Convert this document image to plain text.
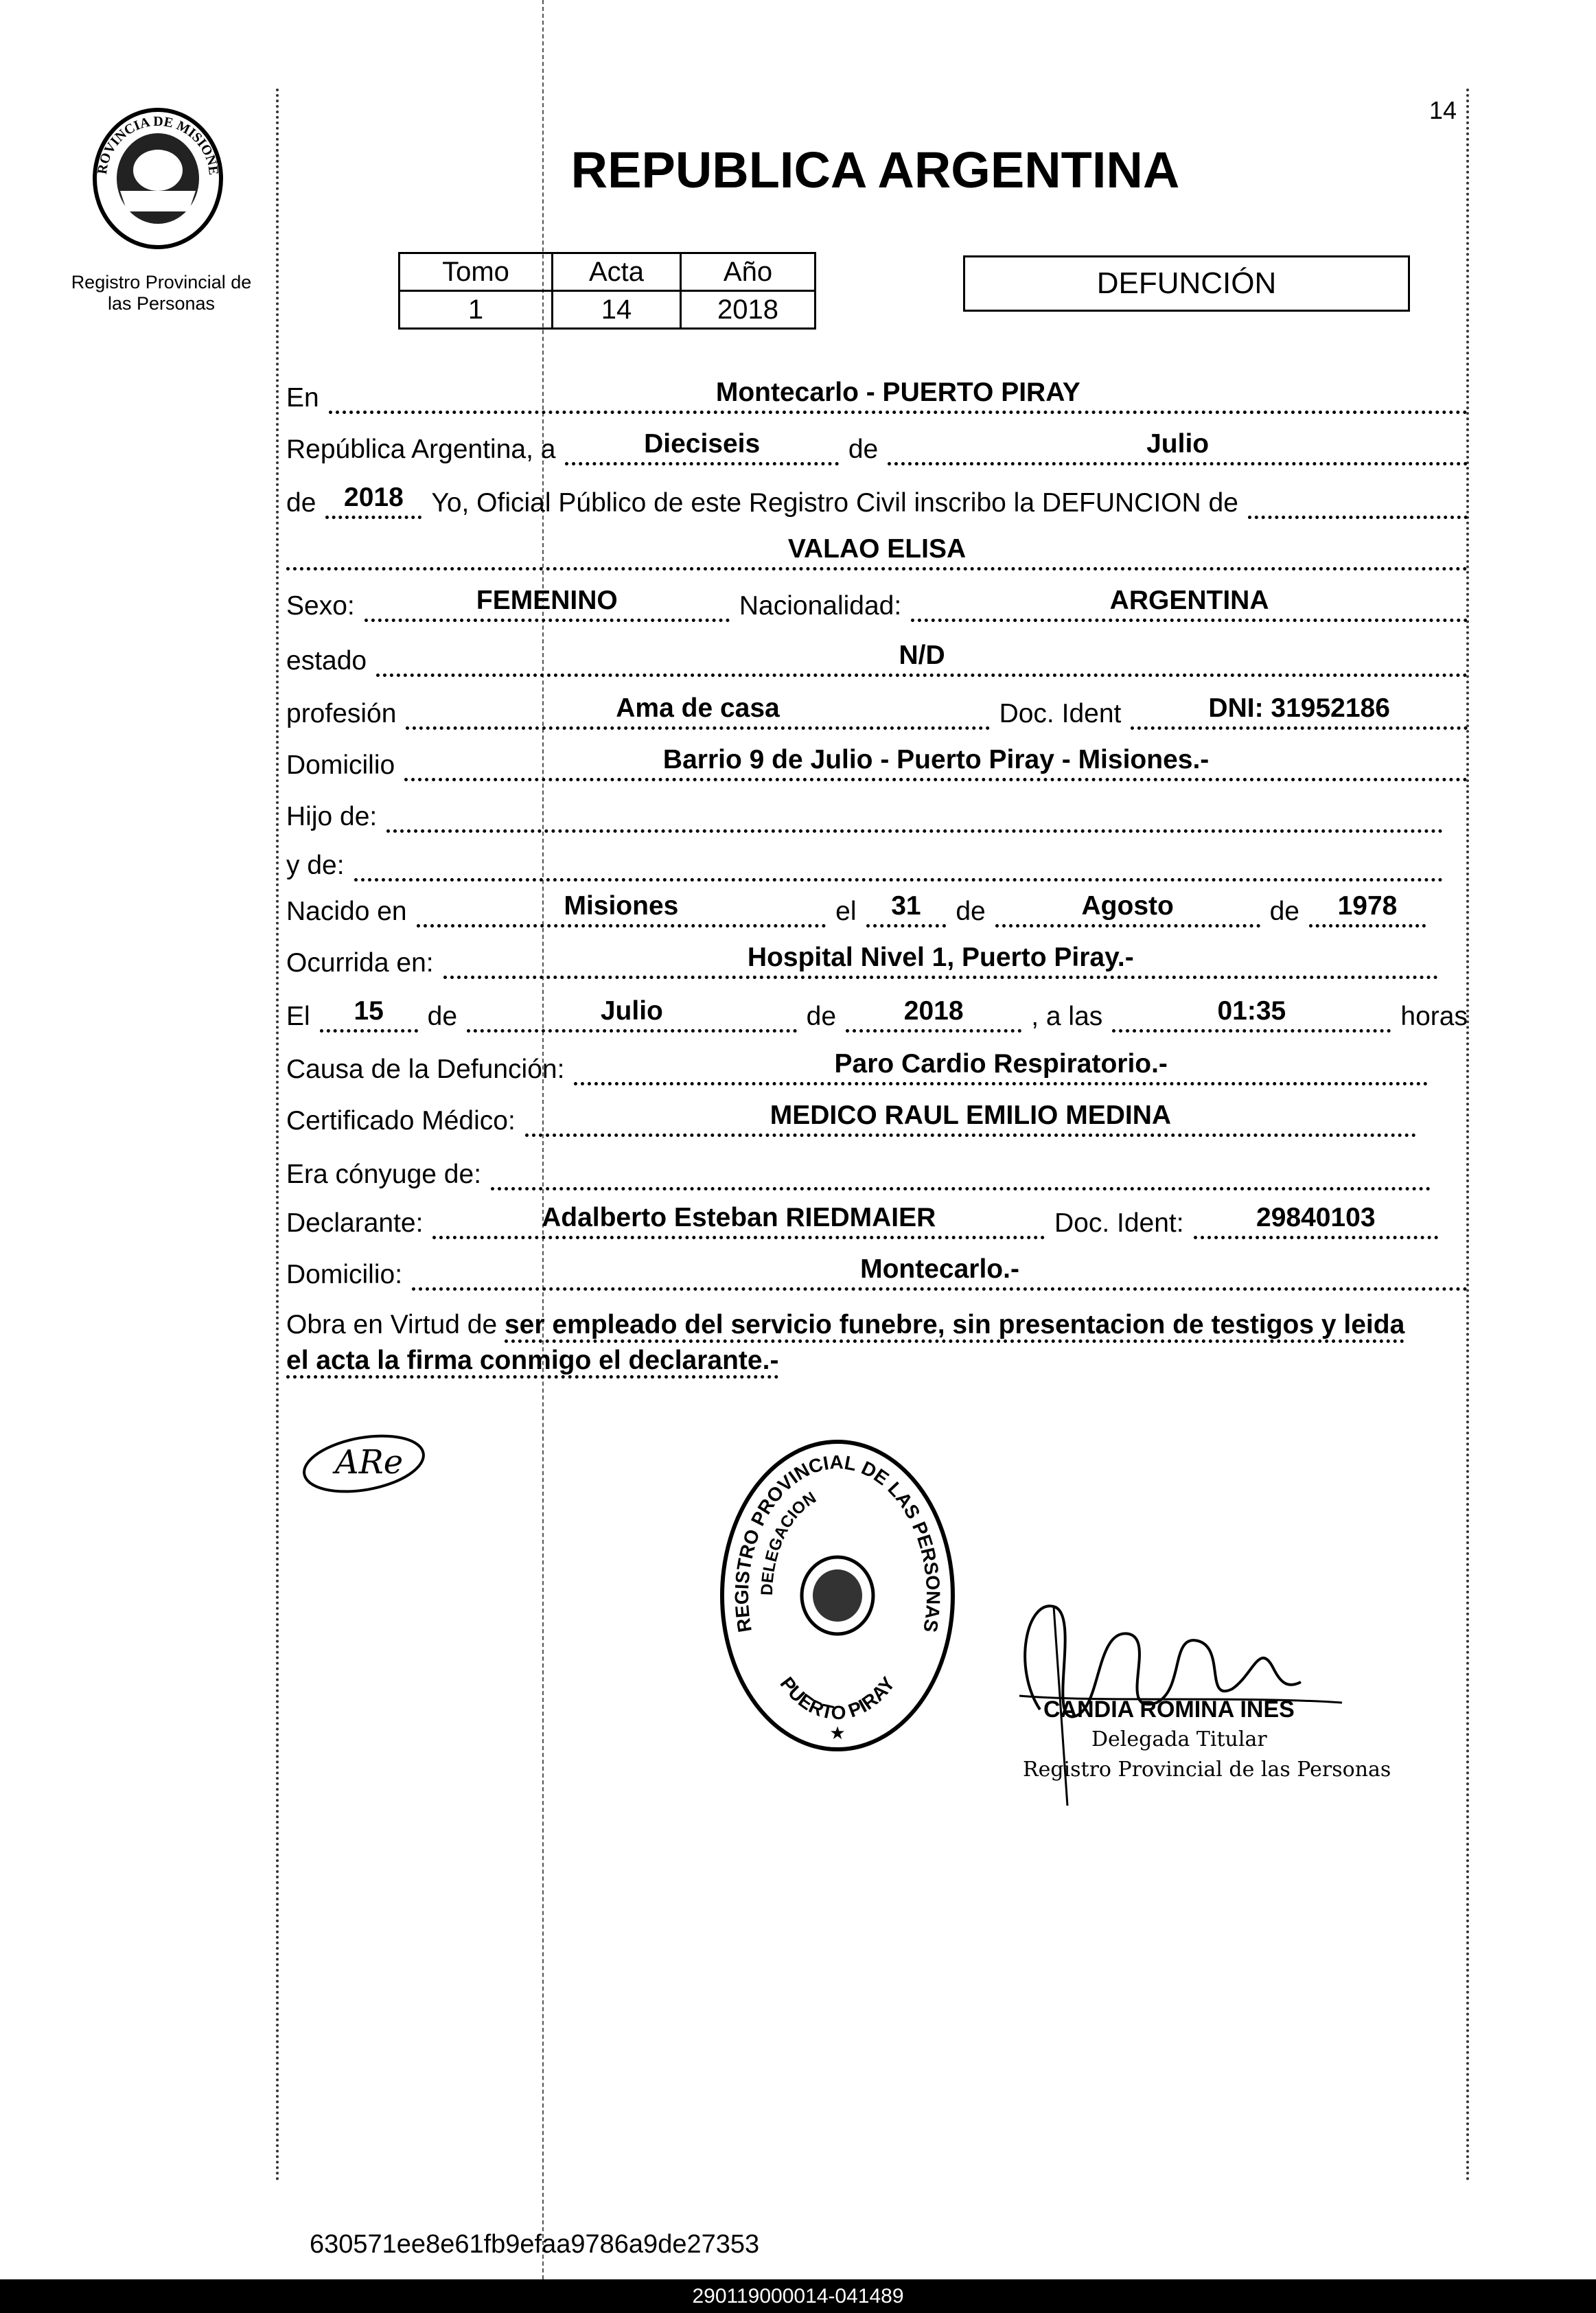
ROVINCIA DE MISIONE
Registro Provincial de
las Personas
14
REPUBLICA ARGENTINA
Tomo	Acta	Año
1	14	2018
DEFUNCIÓN
En	Montecarlo - PUERTO PIRAY
República Argentina, a	Dieciseis	de	Julio
de	2018	Yo, Oficial Público de este Registro Civil inscribo la DEFUNCION de
VALAO ELISA
Sexo:	FEMENINO	Nacionalidad:	ARGENTINA
estado	N/D
profesión	Ama de casa	Doc. Ident	DNI: 31952186
Domicilio	Barrio 9 de Julio - Puerto Piray - Misiones.-
Hijo de:
y de:
Nacido en	Misiones	el	31	de	Agosto	de	1978
Ocurrida en:	Hospital Nivel 1, Puerto Piray.-
El	15	de	Julio	de	2018	, a las	01:35	horas
Causa de la Defunción:	Paro Cardio Respiratorio.-
Certificado Médico:	MEDICO RAUL EMILIO MEDINA
Era cónyuge de:
Declarante:	Adalberto Esteban RIEDMAIER	Doc. Ident:	29840103
Domicilio:	Montecarlo.-
Obra en Virtud de ser empleado del servicio funebre, sin presentacion de testigos y leida
el acta la firma conmigo el declarante.-
ARe
REGISTRO PROVINCIAL DE LAS PERSONAS
PUERTO PIRAY
DELEGACION
★
CANDIA ROMINA INES
Delegada Titular
Registro Provincial de las Personas
630571ee8e61fb9efaa9786a9de27353
290119000014-041489
